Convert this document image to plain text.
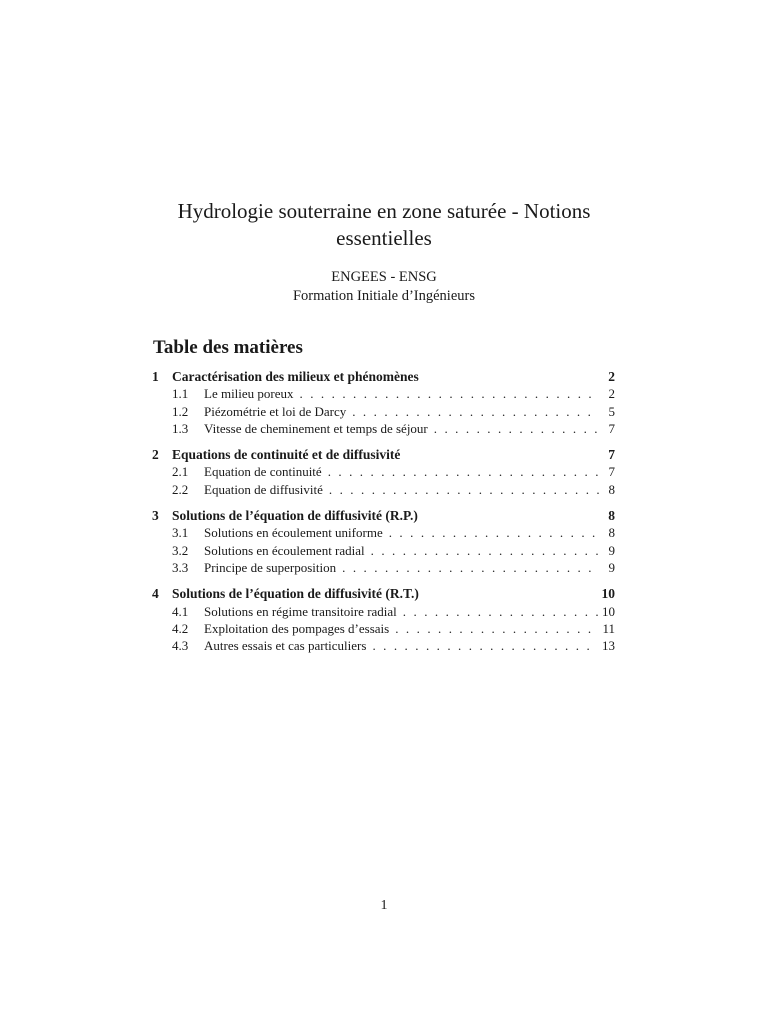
Hydrologie souterraine en zone saturée - Notions
essentielles
ENGEES - ENSG
Formation Initiale d’Ingénieurs
Table des matières
1 Caractérisation des milieux et phénomènes	2
1.1	Le milieu poreux . . .	2
1.2	Piézométrie et loi de Darcy . . .	5
1.3	Vitesse de cheminement et temps de séjour . . .	7
2 Equations de continuité et de diffusivité	7
2.1	Equation de continuité . . .	7
2.2	Equation de diffusivité . . .	8
3 Solutions de l’équation de diffusivité (R.P.)	8
3.1	Solutions en écoulement uniforme . . .	8
3.2	Solutions en écoulement radial . . .	9
3.3	Principe de superposition . . .	9
4 Solutions de l’équation de diffusivité (R.T.)	10
4.1	Solutions en régime transitoire radial . . .	10
4.2	Exploitation des pompages d’essais . . .	11
4.3	Autres essais et cas particuliers . . .	13
1
